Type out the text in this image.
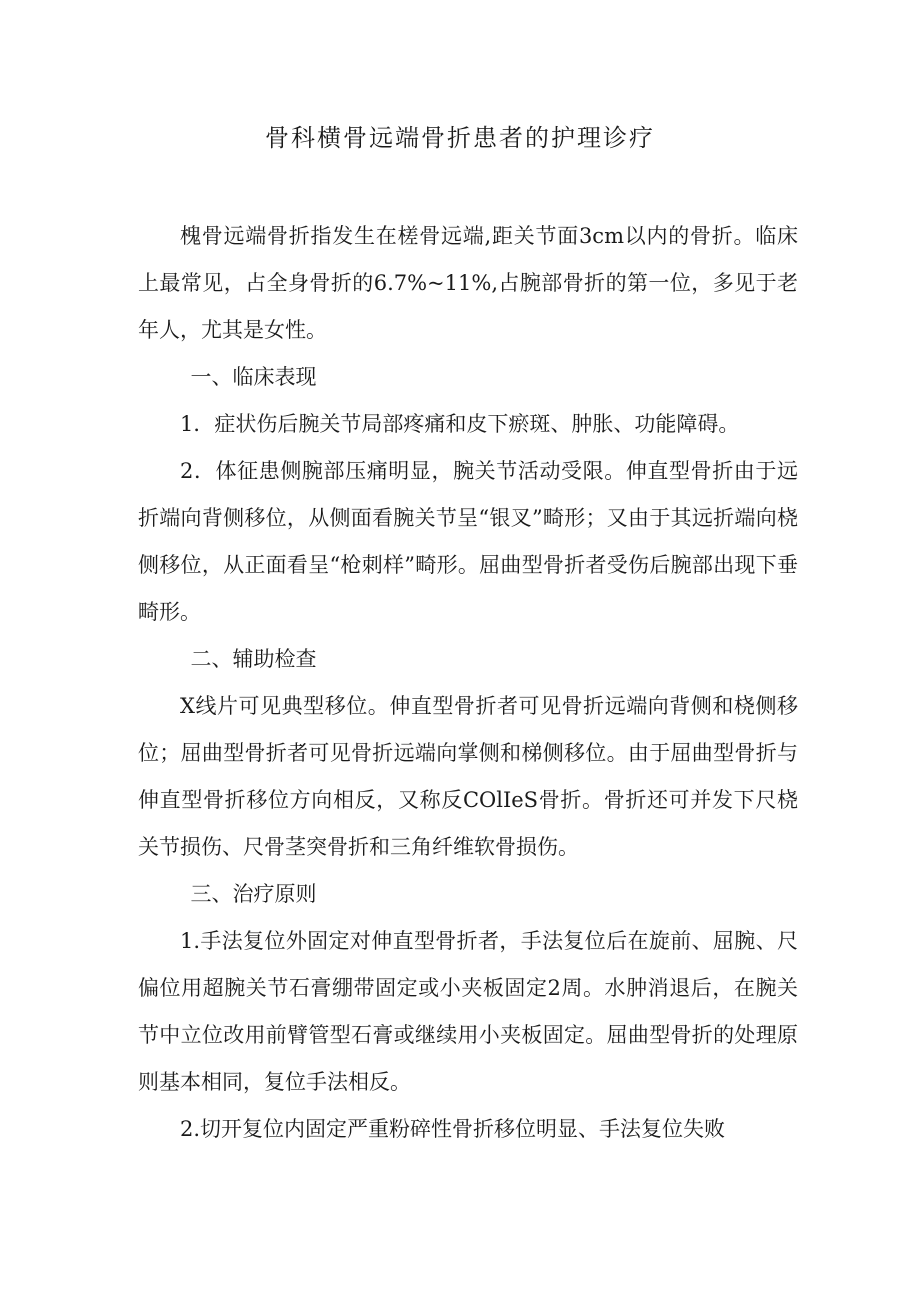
骨科横骨远端骨折患者的护理诊疗

槐骨远端骨折指发生在槎骨远端,距关节面3cm以内的骨折。临床上最常见，占全身骨折的6.7%~11%,占腕部骨折的第一位，多见于老年人，尤其是女性。

一、临床表现

1．症状伤后腕关节局部疼痛和皮下瘀斑、肿胀、功能障碍。

2．体征患侧腕部压痛明显，腕关节活动受限。伸直型骨折由于远折端向背侧移位，从侧面看腕关节呈“银叉”畸形；又由于其远折端向桡侧移位，从正面看呈“枪刺样”畸形。屈曲型骨折者受伤后腕部出现下垂畸形。

二、辅助检查

X线片可见典型移位。伸直型骨折者可见骨折远端向背侧和桡侧移位；屈曲型骨折者可见骨折远端向掌侧和梯侧移位。由于屈曲型骨折与伸直型骨折移位方向相反，又称反COlIeS骨折。骨折还可并发下尺桡关节损伤、尺骨茎突骨折和三角纤维软骨损伤。

三、治疗原则

1.手法复位外固定对伸直型骨折者，手法复位后在旋前、屈腕、尺偏位用超腕关节石膏绷带固定或小夹板固定2周。水肿消退后，在腕关节中立位改用前臂管型石膏或继续用小夹板固定。屈曲型骨折的处理原则基本相同，复位手法相反。

2.切开复位内固定严重粉碎性骨折移位明显、手法复位失败
